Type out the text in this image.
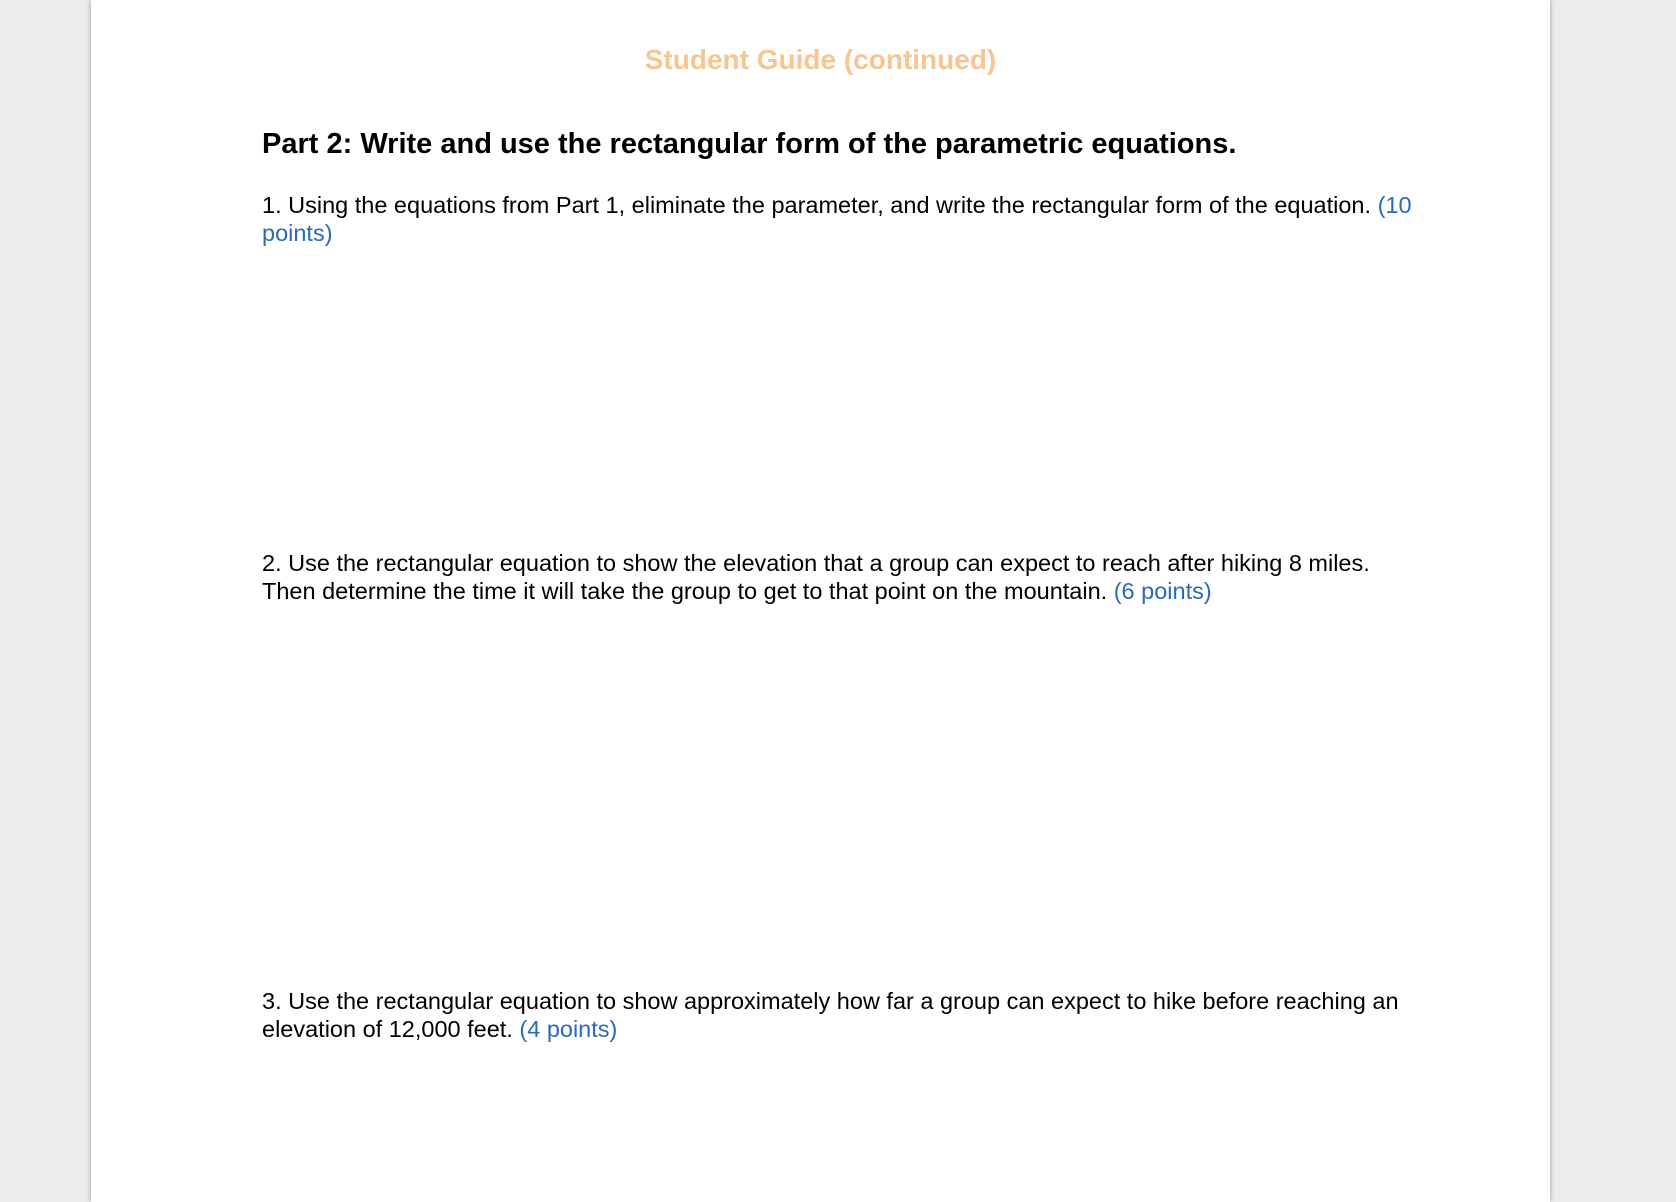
Student Guide (continued)
Part 2: Write and use the rectangular form of the parametric equations.
1. Using the equations from Part 1, eliminate the parameter, and write the rectangular form of the equation. (10 points)
2. Use the rectangular equation to show the elevation that a group can expect to reach after hiking 8 miles. Then determine the time it will take the group to get to that point on the mountain. (6 points)
3. Use the rectangular equation to show approximately how far a group can expect to hike before reaching an elevation of 12,000 feet. (4 points)
